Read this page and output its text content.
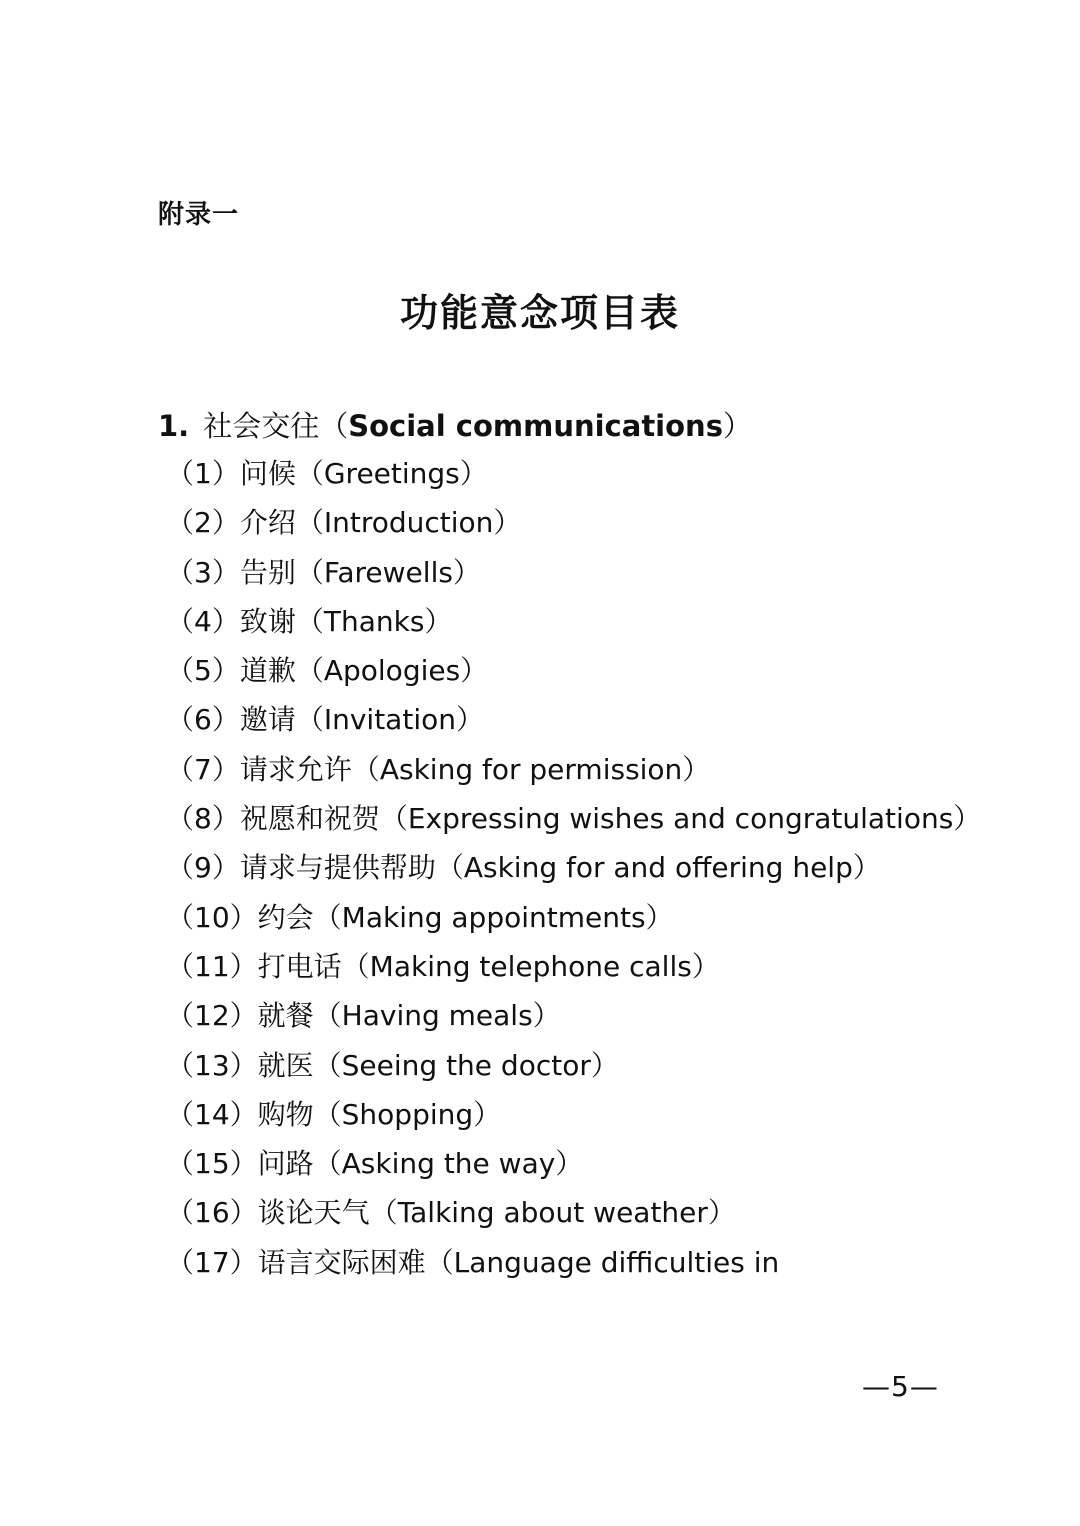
附录一
功能意念项目表
1. 社会交往（Social communications）
（1）问候（Greetings）
（2）介绍（Introduction）
（3）告别（Farewells）
（4）致谢（Thanks）
（5）道歉（Apologies）
（6）邀请（Invitation）
（7）请求允许（Asking for permission）
（8）祝愿和祝贺（Expressing wishes and congratulations）
（9）请求与提供帮助（Asking for and offering help）
（10）约会（Making appointments）
（11）打电话（Making telephone calls）
（12）就餐（Having meals）
（13）就医（Seeing the doctor）
（14）购物（Shopping）
（15）问路（Asking the way）
（16）谈论天气（Talking about weather）
（17）语言交际困难（Language difficulties in
—5—
